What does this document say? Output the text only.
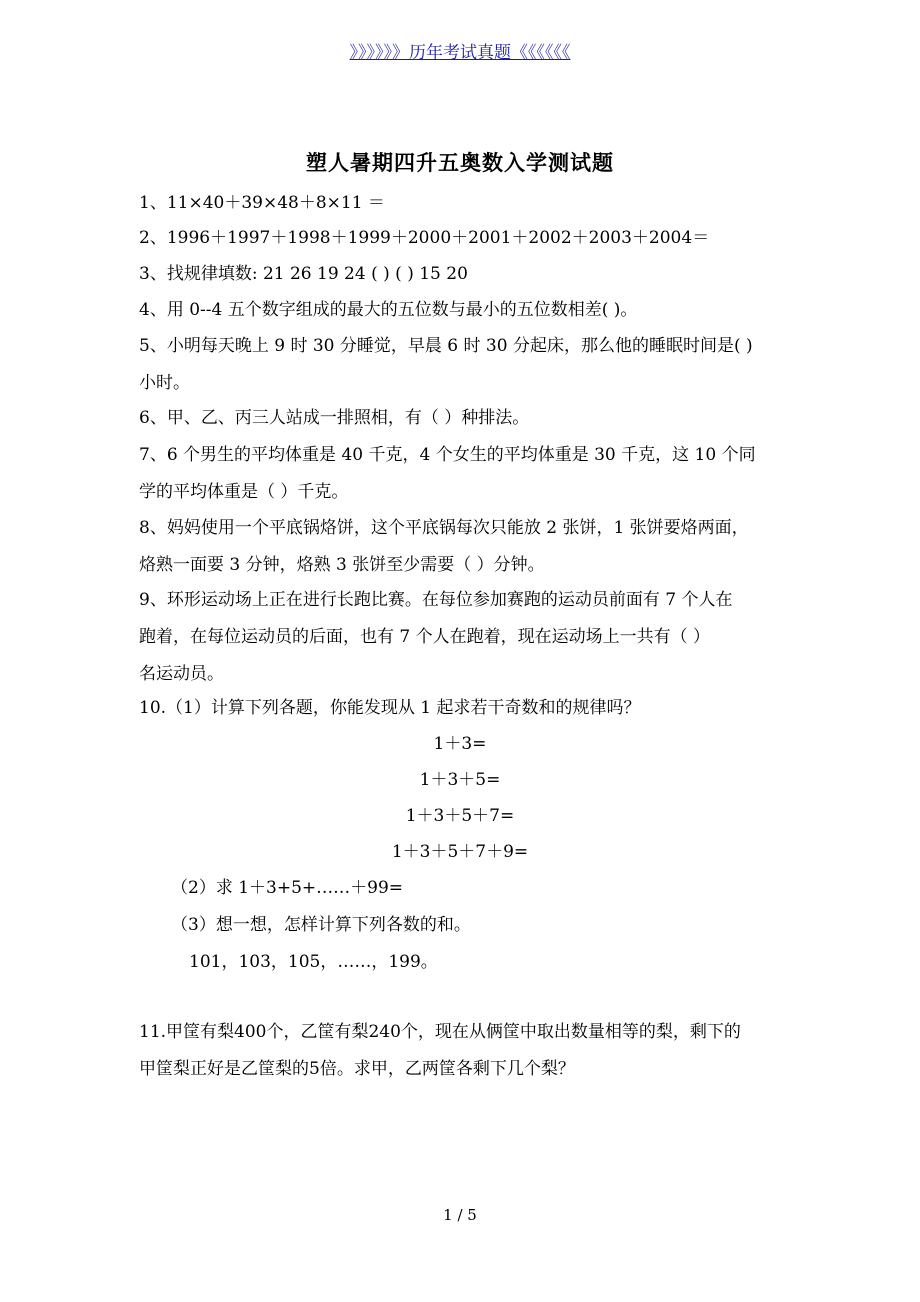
》》》》》》历年考试真题《《《《《《
塑人暑期四升五奥数入学测试题
1、11×40＋39×48＋8×11 ＝
2、1996＋1997＋1998＋1999＋2000＋2001＋2002＋2003＋2004＝
3、找规律填数: 21 26 19 24 ( ) ( ) 15 20
4、用 0--4 五个数字组成的最大的五位数与最小的五位数相差( )。
5、小明每天晚上 9 时 30 分睡觉，早晨 6 时 30 分起床，那么他的睡眠时间是( )
小时。
6、甲、乙、丙三人站成一排照相，有（ ）种排法。
7、6 个男生的平均体重是 40 千克，4 个女生的平均体重是 30 千克，这 10 个同
学的平均体重是（ ）千克。
8、妈妈使用一个平底锅烙饼，这个平底锅每次只能放 2 张饼，1 张饼要烙两面，
烙熟一面要 3 分钟，烙熟 3 张饼至少需要（ ）分钟。
9、环形运动场上正在进行长跑比赛。在每位参加赛跑的运动员前面有 7 个人在
跑着，在每位运动员的后面，也有 7 个人在跑着，现在运动场上一共有（ ）
名运动员。
10.（1）计算下列各题，你能发现从 1 起求若干奇数和的规律吗？
1＋3=
1＋3＋5=
1＋3＋5＋7=
1＋3＋5＋7＋9=
（2）求 1＋3+5+……＋99=
（3）想一想，怎样计算下列各数的和。
101，103，105，……，199。
11.甲筐有梨400个，乙筐有梨240个，现在从俩筐中取出数量相等的梨，剩下的
甲筐梨正好是乙筐梨的5倍。求甲，乙两筐各剩下几个梨？
1 / 5
